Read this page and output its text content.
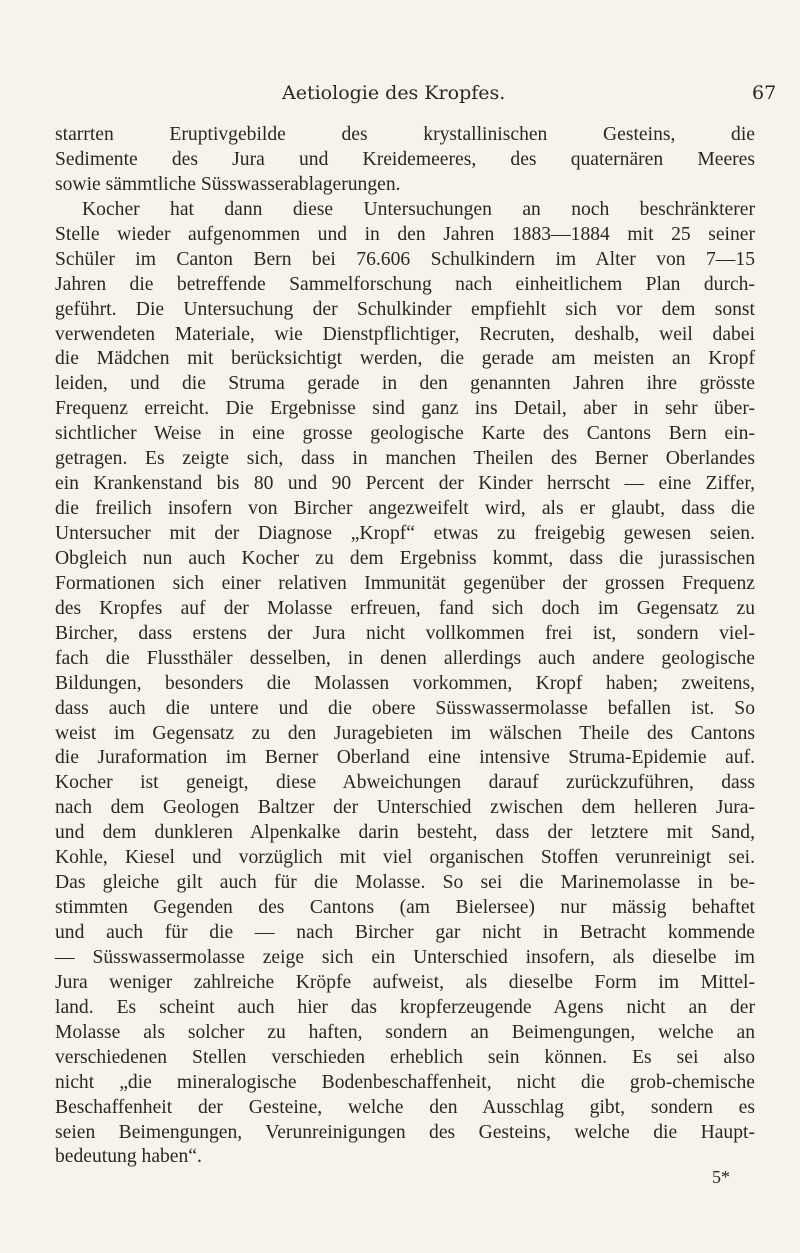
Aetiologie des Kropfes.	67
starrten Eruptivgebilde des krystallinischen Gesteins, die
Sedimente des Jura und Kreidemeeres, des quaternären Meeres
sowie sämmtliche Süsswasserablagerungen.
Kocher hat dann diese Untersuchungen an noch beschränkterer
Stelle wieder aufgenommen und in den Jahren 1883—1884 mit 25 seiner
Schüler im Canton Bern bei 76.606 Schulkindern im Alter von 7—15
Jahren die betreffende Sammelforschung nach einheitlichem Plan durch-
geführt. Die Untersuchung der Schulkinder empfiehlt sich vor dem sonst
verwendeten Materiale, wie Dienstpflichtiger, Recruten, deshalb, weil dabei
die Mädchen mit berücksichtigt werden, die gerade am meisten an Kropf
leiden, und die Struma gerade in den genannten Jahren ihre grösste
Frequenz erreicht. Die Ergebnisse sind ganz ins Detail, aber in sehr über-
sichtlicher Weise in eine grosse geologische Karte des Cantons Bern ein-
getragen. Es zeigte sich, dass in manchen Theilen des Berner Oberlandes
ein Krankenstand bis 80 und 90 Percent der Kinder herrscht — eine Ziffer,
die freilich insofern von Bircher angezweifelt wird, als er glaubt, dass die
Untersucher mit der Diagnose „Kropf“ etwas zu freigebig gewesen seien.
Obgleich nun auch Kocher zu dem Ergebniss kommt, dass die jurassischen
Formationen sich einer relativen Immunität gegenüber der grossen Frequenz
des Kropfes auf der Molasse erfreuen, fand sich doch im Gegensatz zu
Bircher, dass erstens der Jura nicht vollkommen frei ist, sondern viel-
fach die Flussthäler desselben, in denen allerdings auch andere geologische
Bildungen, besonders die Molassen vorkommen, Kropf haben; zweitens,
dass auch die untere und die obere Süsswassermolasse befallen ist. So
weist im Gegensatz zu den Juragebieten im wälschen Theile des Cantons
die Juraformation im Berner Oberland eine intensive Struma-Epidemie auf.
Kocher ist geneigt, diese Abweichungen darauf zurückzuführen, dass
nach dem Geologen Baltzer der Unterschied zwischen dem helleren Jura-
und dem dunkleren Alpenkalke darin besteht, dass der letztere mit Sand,
Kohle, Kiesel und vorzüglich mit viel organischen Stoffen verunreinigt sei.
Das gleiche gilt auch für die Molasse. So sei die Marinemolasse in be-
stimmten Gegenden des Cantons (am Bielersee) nur mässig behaftet
und auch für die — nach Bircher gar nicht in Betracht kommende
— Süsswassermolasse zeige sich ein Unterschied insofern, als dieselbe im
Jura weniger zahlreiche Kröpfe aufweist, als dieselbe Form im Mittel-
land. Es scheint auch hier das kropferzeugende Agens nicht an der
Molasse als solcher zu haften, sondern an Beimengungen, welche an
verschiedenen Stellen verschieden erheblich sein können. Es sei also
nicht „die mineralogische Bodenbeschaffenheit, nicht die grob-chemische
Beschaffenheit der Gesteine, welche den Ausschlag gibt, sondern es
seien Beimengungen, Verunreinigungen des Gesteins, welche die Haupt-
bedeutung haben“.
5*
